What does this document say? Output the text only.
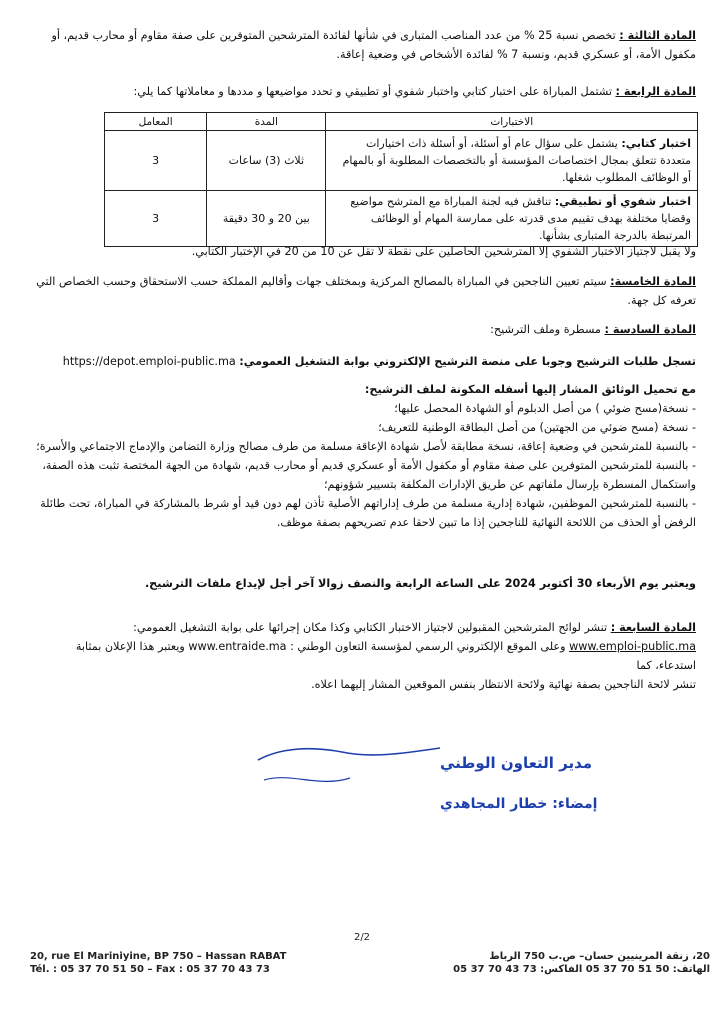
المادة الثالثة : تخصص نسبة 25 % من عدد المناصب المتبارى في شأنها لفائدة المترشحين المتوفرين على صفة مقاوم أو محارب قديم، أو مكفول الأمة، أو عسكري قديم، ونسبة 7 % لفائدة الأشخاص في وضعية إعاقة.

المادة الرابعة : تشتمل المباراة على اختبار كتابي واختبار شفوي أو تطبيقي و تحدد مواضيعها و مددها و معاملاتها كما يلي:

الاختبارات	المدة	المعامل
اختبار كتابي: يشتمل على سؤال عام أو أسئلة، أو أسئلة ذات اختيارات متعددة تتعلق بمجال اختصاصات المؤسسة أو بالتخصصات المطلوبة أو بالمهام أو الوظائف المطلوب شغلها.	ثلاث (3) ساعات	3
اختبار شفوي أو تطبيقي: تناقش فيه لجنة المباراة مع المترشح مواضيع وقضايا مختلفة بهدف تقييم مدى قدرته على ممارسة المهام أو الوظائف المرتبطة بالدرجة المتبارى بشأنها.	بين 20 و 30 دقيقة	3

ولا يقبل لاجتياز الاختبار الشفوي إلا المترشحين الحاصلين على نقطة لا تقل عن 10 من 20 في الإختبار الكتابي.

المادة الخامسة: سيتم تعيين الناجحين في المباراة بالمصالح المركزية وبمختلف جهات وأقاليم المملكة حسب الاستحقاق وحسب الخصاص التي تعرفه كل جهة.

المادة السادسة : مسطرة وملف الترشيح:

تسجل طلبات الترشيح وجوبا على منصة الترشيح الإلكتروني بوابة التشغيل العمومي: https://depot.emploi-public.ma

مع تحميل الوثائق المشار إليها أسفله المكونة لملف الترشيح:

- نسخة(مسح ضوئي ) من أصل الدبلوم أو الشهادة المحصل عليها؛

- نسخة (مسح ضوئي من الجهتين) من أصل البطاقة الوطنية للتعريف؛

- بالنسبة للمترشحين في وضعية إعاقة، نسخة مطابقة لأصل شهادة الإعاقة مسلمة من طرف مصالح وزارة التضامن والإدماج الاجتماعي والأسرة؛

- بالنسبة للمترشحين المتوفرين على صفة مقاوم أو مكفول الأمة أو عسكري قديم أو محارب قديم، شهادة من الجهة المختصة تثبت هذه الصفة، واستكمال المسطرة بإرسال ملفاتهم عن طريق الإدارات المكلفة بتسيير شؤونهم؛

- بالنسبة للمترشحين الموظفين، شهادة إدارية مسلمة من طرف إداراتهم الأصلية تأذن لهم دون قيد أو شرط بالمشاركة في المباراة، تحت طائلة الرفض أو الحذف من اللائحة النهائية للناجحين إذا ما تبين لاحقا عدم تصريحهم بصفة موظف.

ويعتبر يوم الأربعاء 30 أكتوبر 2024 على الساعة الرابعة والنصف زوالا آخر أجل لإيداع ملفات الترشيح.

المادة السابعة : تنشر لوائح المترشحين المقبولين لاجتياز الاختبار الكتابي وكذا مكان إجرائها على بوابة التشغيل العمومي:

www.emploi-public.ma وعلى الموقع الإلكتروني الرسمي لمؤسسة التعاون الوطني : www.entraide.ma ويعتبر هذا الإعلان بمثابة استدعاء، كما

تنشر لائحة الناجحين بصفة نهائية ولائحة الانتظار بنفس الموقعين المشار إليهما اعلاه.

مدير التعاون الوطني
إمضاء: خطار المجاهدي
2/2
20, rue El Mariniyine, BP 750 – Hassan RABAT
Tél. : 05 37 70 51 50 – Fax : 05 37 70 43 73
20، زنقة المرينيين حسان– ص.ب 750 الرباط
الهاتف: 50 51 70 37 05 الفاكس: 73 43 70 37 05
